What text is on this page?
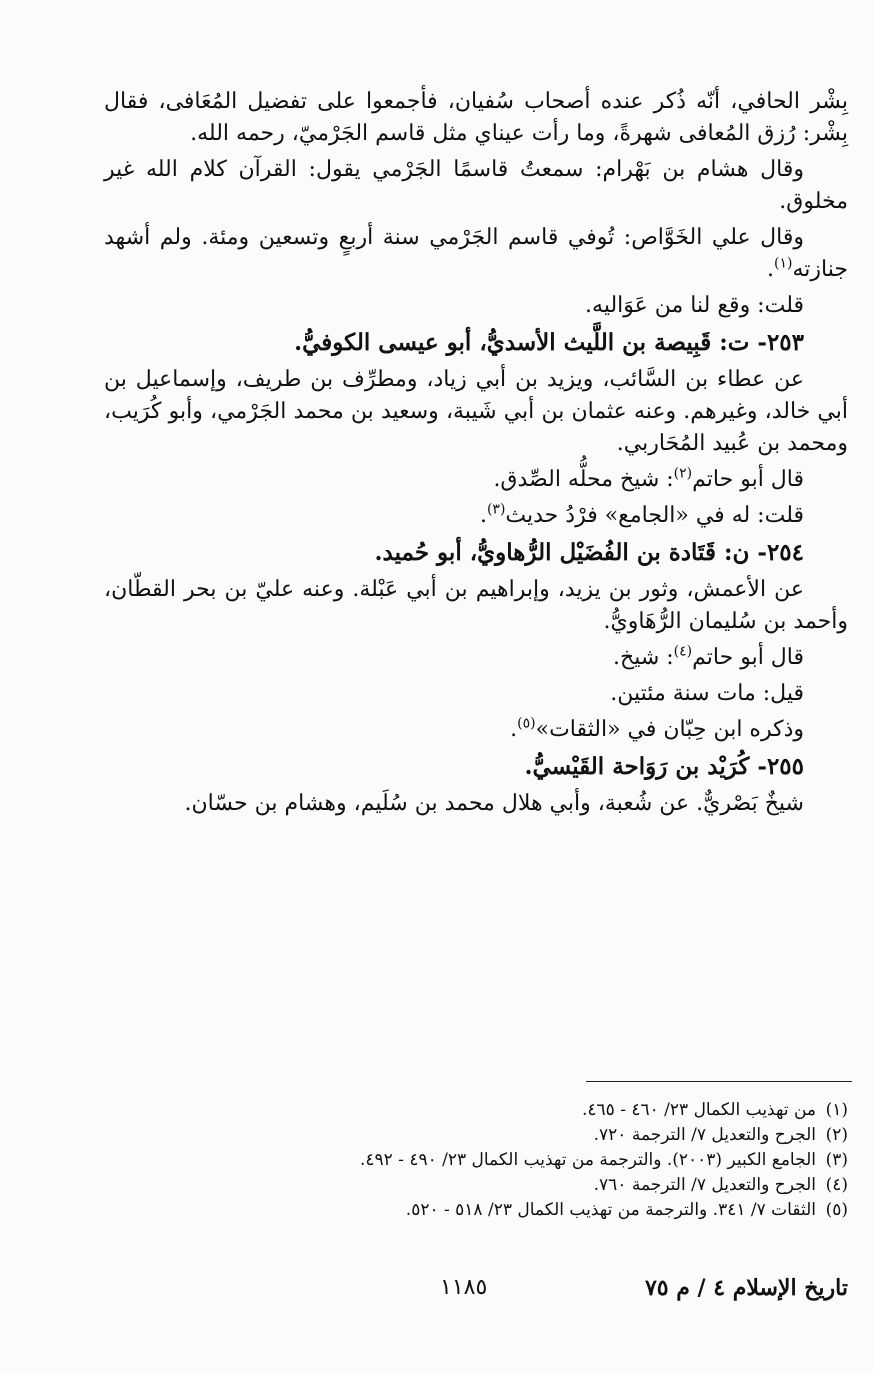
بِشْر الحافي، أنّه ذُكر عنده أصحاب سُفيان، فأجمعوا على تفضيل المُعَافى، فقال بِشْر: رُزق المُعافى شهرةً، وما رأت عيناي مثل قاسم الجَرْميّ، رحمه الله.

وقال هشام بن بَهْرام: سمعتُ قاسمًا الجَرْمي يقول: القرآن كلام الله غير مخلوق.

وقال علي الخَوَّاص: تُوفي قاسم الجَرْمي سنة أربعٍ وتسعين ومئة. ولم أشهد جنازته$^{(١)}$.

قلت: وقع لنا من عَوَاليه.

٢٥٣- ت: قَبِيصة بن اللَّيث الأسديُّ، أبو عيسى الكوفيُّ.

عن عطاء بن السَّائب، ويزيد بن أبي زياد، ومطرِّف بن طريف، وإسماعيل بن أبي خالد، وغيرهم. وعنه عثمان بن أبي شَيبة، وسعيد بن محمد الجَرْمي، وأبو كُرَيب، ومحمد بن عُبيد المُحَاربي.

قال أبو حاتم$^{(٢)}$: شيخ محلُّه الصِّدق.

قلت: له في «الجامع» فرْدُ حديث$^{(٣)}$.

٢٥٤- ن: قَتَادة بن الفُضَيْل الرُّهاويُّ، أبو حُميد.

عن الأعمش، وثور بن يزيد، وإبراهيم بن أبي عَبْلة. وعنه عليّ بن بحر القطّان، وأحمد بن سُليمان الرُّهَاويُّ.

قال أبو حاتم$^{(٤)}$: شيخ.

قيل: مات سنة مئتين.

وذكره ابن حِبّان في «الثقات»$^{(٥)}$.

٢٥٥- كُرَيْد بن رَوَاحة القَيْسيُّ.

شيخٌ بَصْريٌّ. عن شُعبة، وأبي هلال محمد بن سُلَيم، وهشام بن حسّان.

(١)من تهذيب الكمال ٢٣/ ٤٦٠ - ٤٦٥.
(٢)الجرح والتعديل ٧/ الترجمة ٧٢٠.
(٣)الجامع الكبير (٢٠٠٣). والترجمة من تهذيب الكمال ٢٣/ ٤٩٠ - ٤٩٢.
(٤)الجرح والتعديل ٧/ الترجمة ٧٦٠.
(٥)الثقات ٧/ ٣٤١. والترجمة من تهذيب الكمال ٢٣/ ٥١٨ - ٥٢٠.
تاريخ الإسلام ٤ / م ٧٥
١١٨٥
